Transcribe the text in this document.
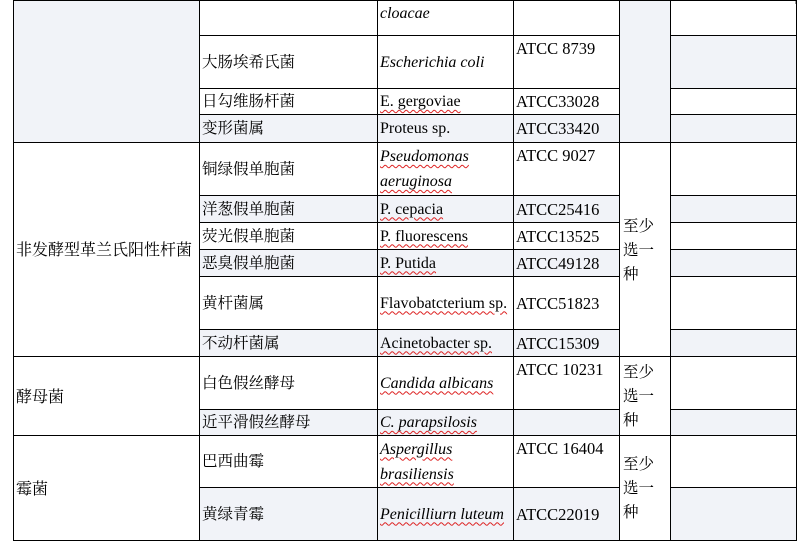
		cloacae			
	大肠埃希氏菌	Escherichia coli	ATCC 8739		
	日勾维肠杆菌	E. gergoviae	ATCC33028		
	变形菌属	Proteus sp.	ATCC33420		
非发酵型革兰氏阳性杆菌	铜绿假单胞菌	Pseudomonas aeruginosa	ATCC 9027	至少选一种	
	洋葱假单胞菌	P. cepacia	ATCC25416		
	荧光假单胞菌	P. fluorescens	ATCC13525		
	恶臭假单胞菌	P. Putida	ATCC49128		
	黄杆菌属	Flavobatcterium sp.	ATCC51823		
	不动杆菌属	Acinetobacter sp.	ATCC15309		
酵母菌	白色假丝酵母	Candida albicans	ATCC 10231	至少选一种	
	近平滑假丝酵母	C. parapsilosis			
霉菌	巴西曲霉	Aspergillus brasiliensis	ATCC 16404	至少选一种	
	黄绿青霉	Penicilliurn luteum	ATCC22019		
